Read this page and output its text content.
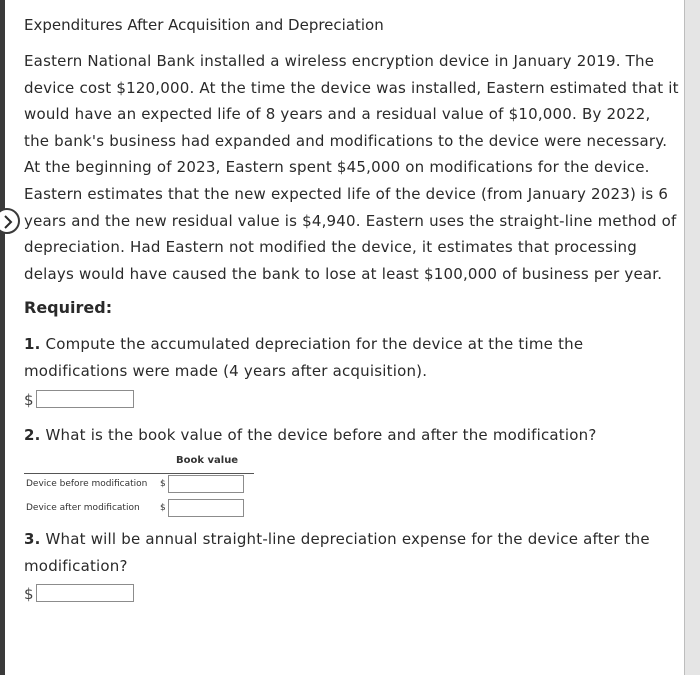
Expenditures After Acquisition and Depreciation
Eastern National Bank installed a wireless encryption device in January 2019. The
device cost $120,000. At the time the device was installed, Eastern estimated that it
would have an expected life of 8 years and a residual value of $10,000. By 2022,
the bank's business had expanded and modifications to the device were necessary.
At the beginning of 2023, Eastern spent $45,000 on modifications for the device.
Eastern estimates that the new expected life of the device (from January 2023) is 6
years and the new residual value is $4,940. Eastern uses the straight-line method of
depreciation. Had Eastern not modified the device, it estimates that processing
delays would have caused the bank to lose at least $100,000 of business per year.
Required:
1. Compute the accumulated depreciation for the device at the time the
modifications were made (4 years after acquisition).
$
2. What is the book value of the device before and after the modification?
Book value
Device before modification $
Device after modification $
3. What will be annual straight-line depreciation expense for the device after the
modification?
$
